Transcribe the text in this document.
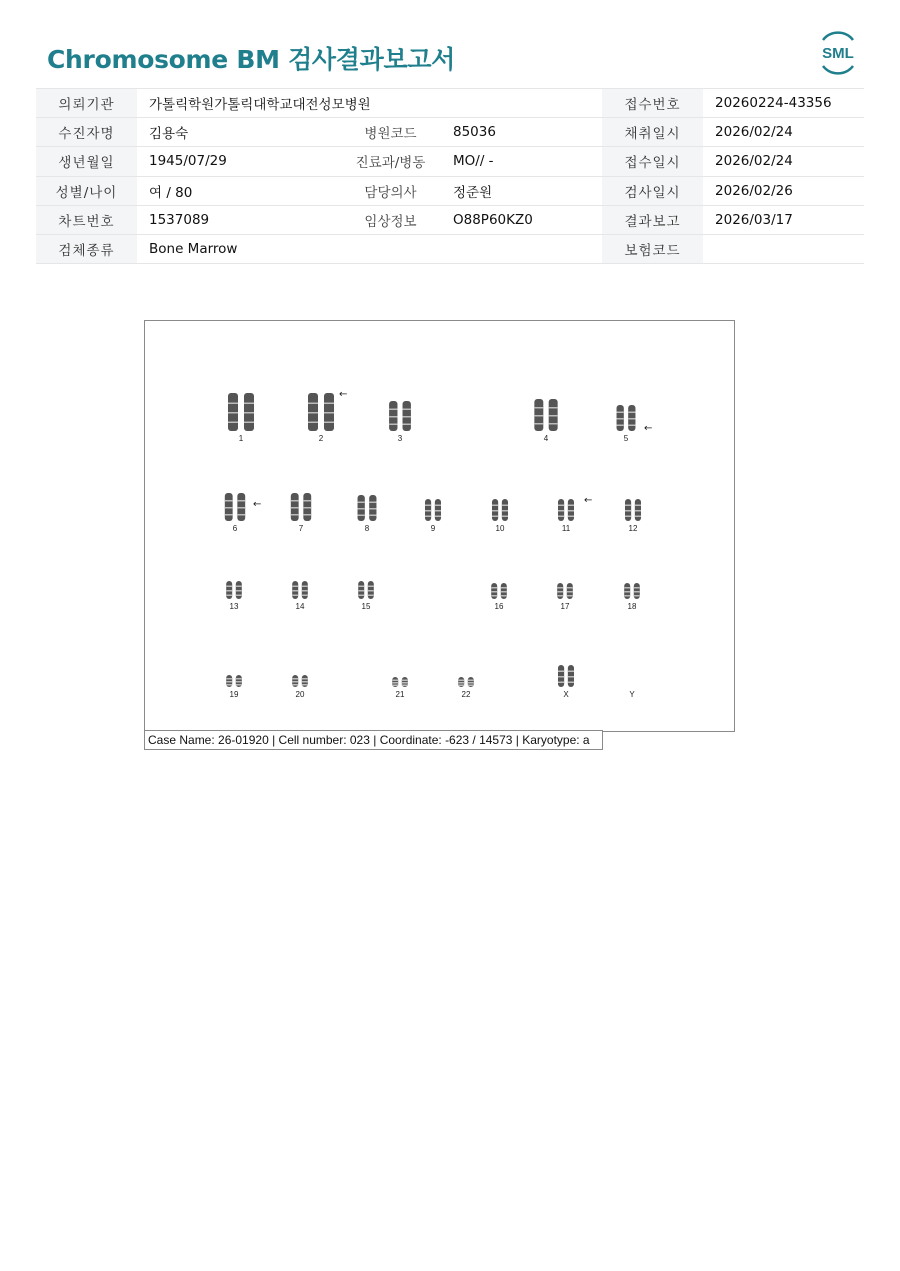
Chromosome BM 검사결과보고서	SML
의뢰기관	가톨릭학원가톨릭대학교대전성모병원			접수번호	20260224-43356
수진자명	김용숙	병원코드	85036	채취일시	2026/02/24
생년월일	1945/07/29	진료과/병동	MO// -	접수일시	2026/02/24
성별/나이	여 / 80	담당의사	정준원	검사일시	2026/02/26
차트번호	1537089	임상정보	O88P60KZ0	결과보고	2026/03/17
검체종류	Bone Marrow			보험코드	
1	2
←
3	4	5
←
6
←
7	8	9	10	11
←
12
13	14	15	16	17	18
19	20	21	22	X	Y
Case Name: 26-01920 | Cell number: 023 | Coordinate: -623 / 14573 | Karyotype: a
